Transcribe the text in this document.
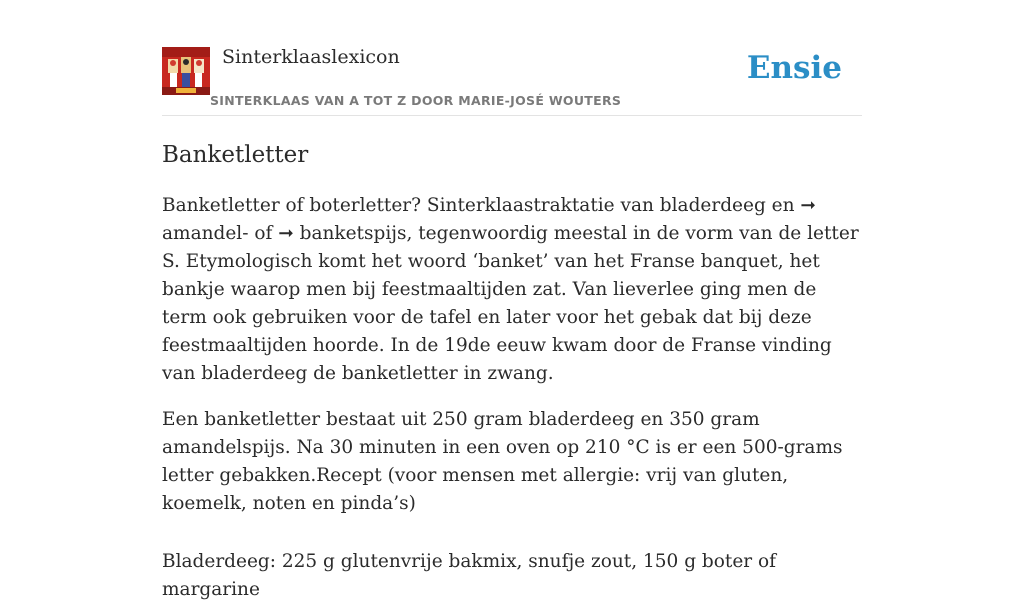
Sinterklaaslexicon
SINTERKLAAS VAN A TOT Z DOOR MARIE-JOSÉ WOUTERS
Ensie
Banketletter

Banketletter of boterletter? Sinterklaastraktatie van bladerdeeg en ➞ amandel- of ➞ banketspijs, tegenwoordig meestal in de vorm van de letter S. Etymologisch komt het woord ‘banket’ van het Franse banquet, het bankje waarop men bij feestmaaltijden zat. Van lieverlee ging men de term ook gebruiken voor de tafel en later voor het gebak dat bij deze feestmaaltijden hoorde. In de 19de eeuw kwam door de Franse vinding van bladerdeeg de banketletter in zwang.

Een banketletter bestaat uit 250 gram bladerdeeg en 350 gram amandelspijs. Na 30 minuten in een oven op 210 °C is er een 500-grams letter gebakken.Recept (voor mensen met allergie: vrij van gluten, koemelk, noten en pinda’s)

Bladerdeeg: 225 g glutenvrije bakmix, snufje zout, 150 g boter of margarine
